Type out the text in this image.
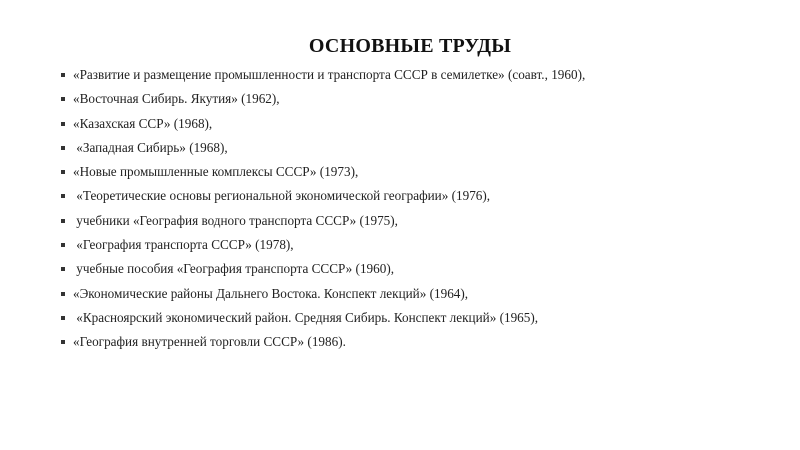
ОСНОВНЫЕ ТРУДЫ
«Развитие и размещение промышленности и транспорта СССР в семилетке» (соавт., 1960),
«Восточная Сибирь. Якутия» (1962),
«Казахская ССР» (1968),
«Западная Сибирь» (1968),
«Новые промышленные комплексы СССР» (1973),
«Теоретические основы региональной экономической географии» (1976),
учебники «География водного транспорта СССР» (1975),
«География транспорта СССР» (1978),
учебные пособия «География транспорта СССР» (1960),
«Экономические районы Дальнего Востока. Конспект лекций» (1964),
«Красноярский экономический район. Средняя Сибирь. Конспект лекций» (1965),
«География внутренней торговли СССР» (1986).
